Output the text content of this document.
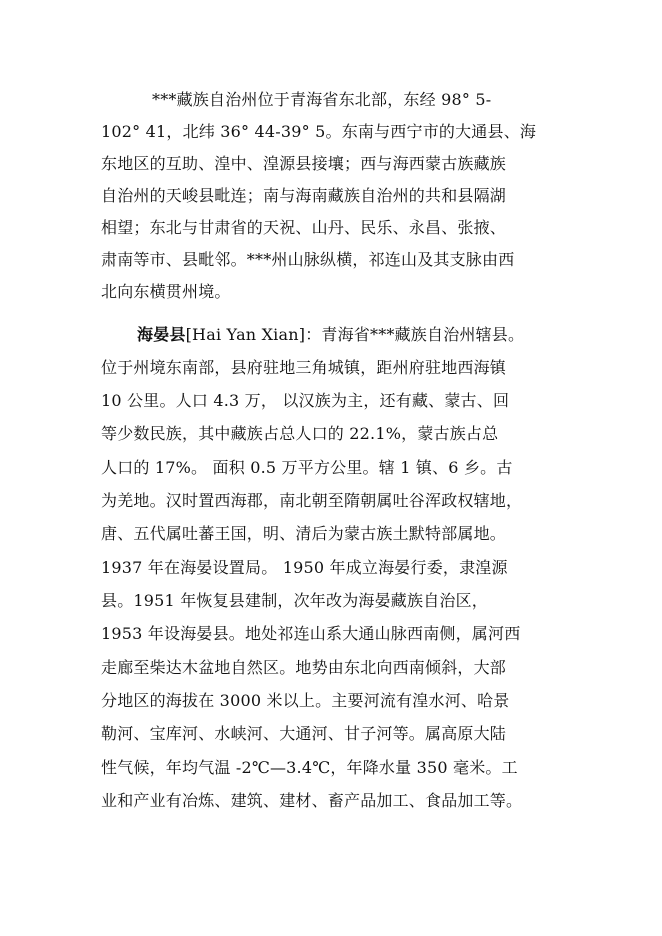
***藏族自治州位于青海省东北部，东经 98° 5-
102° 41，北纬 36° 44-39° 5。东南与西宁市的大通县、海
东地区的互助、湟中、湟源县接壤；西与海西蒙古族藏族
自治州的天峻县毗连；南与海南藏族自治州的共和县隔湖
相望；东北与甘肃省的天祝、山丹、民乐、永昌、张掖、
肃南等市、县毗邻。***州山脉纵横，祁连山及其支脉由西
北向东横贯州境。
海晏县[Hai Yan Xian]：青海省***藏族自治州辖县。
位于州境东南部，县府驻地三角城镇，距州府驻地西海镇
10 公里。人口 4.3 万， 以汉族为主，还有藏、蒙古、回
等少数民族，其中藏族占总人口的 22.1%，蒙古族占总
人口的 17%。 面积 0.5 万平方公里。辖 1 镇、6 乡。古
为羌地。汉时置西海郡，南北朝至隋朝属吐谷浑政权辖地，
唐、五代属吐蕃王国，明、清后为蒙古族土默特部属地。
1937 年在海晏设置局。 1950 年成立海晏行委，隶湟源
县。1951 年恢复县建制，次年改为海晏藏族自治区，
1953 年设海晏县。地处祁连山系大通山脉西南侧，属河西
走廊至柴达木盆地自然区。地势由东北向西南倾斜，大部
分地区的海拔在 3000 米以上。主要河流有湟水河、哈景
勒河、宝库河、水峡河、大通河、甘子河等。属高原大陆
性气候，年均气温 -2℃—3.4℃，年降水量 350 毫米。工
业和产业有冶炼、建筑、建材、畜产品加工、食品加工等。
